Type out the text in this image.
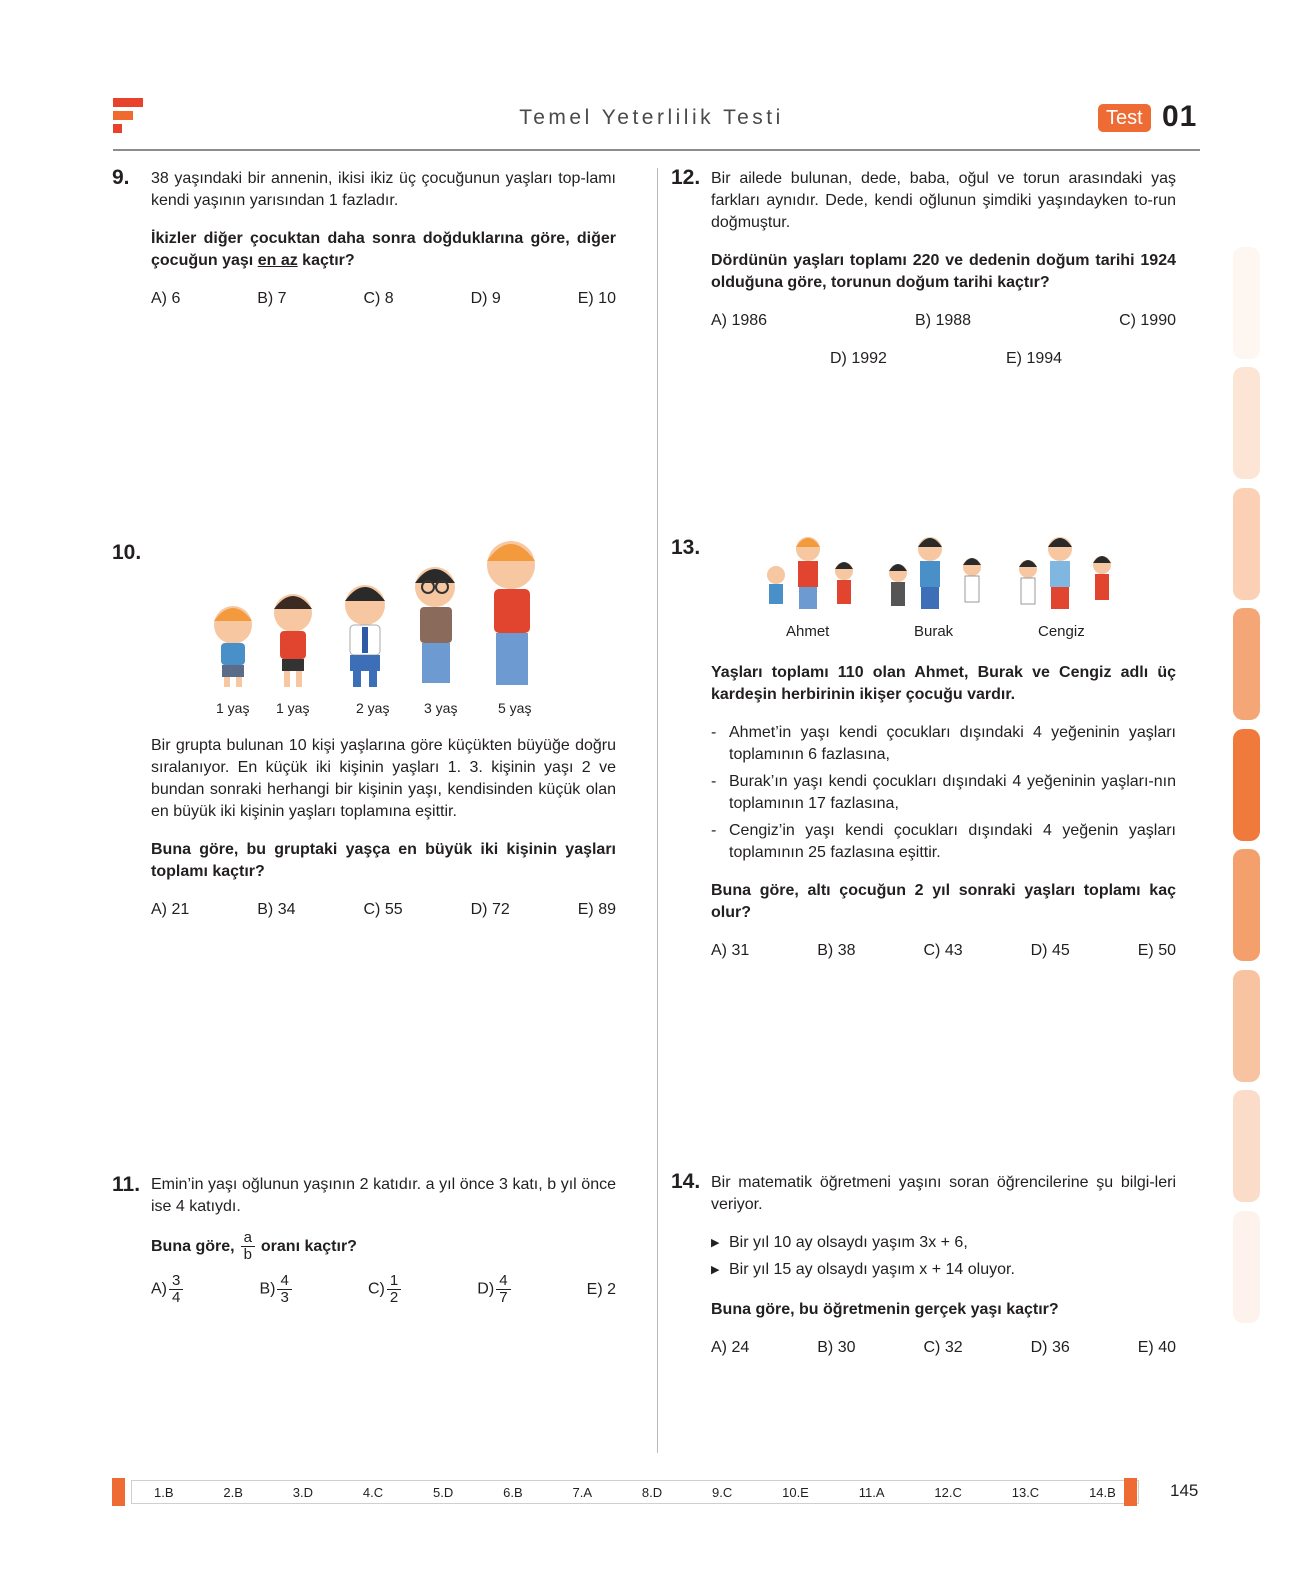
Temel Yeterlilik Testi	Test 01
9. 38 yaşındaki bir annenin, ikisi ikiz üç çocuğunun yaşları top-lamı kendi yaşının yarısından 1 fazladır.
İkizler diğer çocuktan daha sonra doğduklarına göre, diğer çocuğun yaşı en az kaçtır?
A) 6	B) 7	C) 8	D) 9	E) 10
10.
1 yaş 1 yaş	2 yaş 3 yaş	5 yaş
Bir grupta bulunan 10 kişi yaşlarına göre küçükten büyüğe doğru sıralanıyor. En küçük iki kişinin yaşları 1. 3. kişinin yaşı 2 ve bundan sonraki herhangi bir kişinin yaşı, kendisinden küçük olan en büyük iki kişinin yaşları toplamına eşittir.
Buna göre, bu gruptaki yaşça en büyük iki kişinin yaşları toplamı kaçtır?
A) 21	B) 34	C) 55	D) 72	E) 89
11. Emin’in yaşı oğlunun yaşının 2 katıdır. a yıl önce 3 katı, b yıl önce ise 4 katıydı.
Buna göre, $\frac{a}{b}$ oranı kaçtır?
$A) \frac{3}{4}$	$B) \frac{4}{3}$	$C) \frac{1}{2}$	$D) \frac{4}{7}$	E) 2
12. Bir ailede bulunan, dede, baba, oğul ve torun arasındaki yaş farkları aynıdır. Dede, kendi oğlunun şimdiki yaşındayken to-run doğmuştur.
Dördünün yaşları toplamı 220 ve dedenin doğum tarihi 1924 olduğuna göre, torunun doğum tarihi kaçtır?
A) 1986	B) 1988	C) 1990
D) 1992	E) 1994
13.
Ahmet	Burak	Cengiz
Yaşları toplamı 110 olan Ahmet, Burak ve Cengiz adlı üç kardeşin herbirinin ikişer çocuğu vardır.
- Ahmet’in yaşı kendi çocukları dışındaki 4 yeğeninin yaşları toplamının 6 fazlasına,
- Burak’ın yaşı kendi çocukları dışındaki 4 yeğeninin yaşları-nın toplamının 17 fazlasına,
- Cengiz’in yaşı kendi çocukları dışındaki 4 yeğenin yaşları toplamının 25 fazlasına eşittir.
Buna göre, altı çocuğun 2 yıl sonraki yaşları toplamı kaç olur?
A) 31	B) 38	C) 43	D) 45	E) 50
14. Bir matematik öğretmeni yaşını soran öğrencilerine şu bilgi-leri veriyor.
▶ Bir yıl 10 ay olsaydı yaşım 3x + 6,
▶ Bir yıl 15 ay olsaydı yaşım x + 14 oluyor.
Buna göre, bu öğretmenin gerçek yaşı kaçtır?
A) 24	B) 30	C) 32	D) 36	E) 40
1.B	2.B	3.D	4.C	5.D	6.B	7.A	8.D	9.C	10.E	11.A	12.C	13.C	14.B	145
